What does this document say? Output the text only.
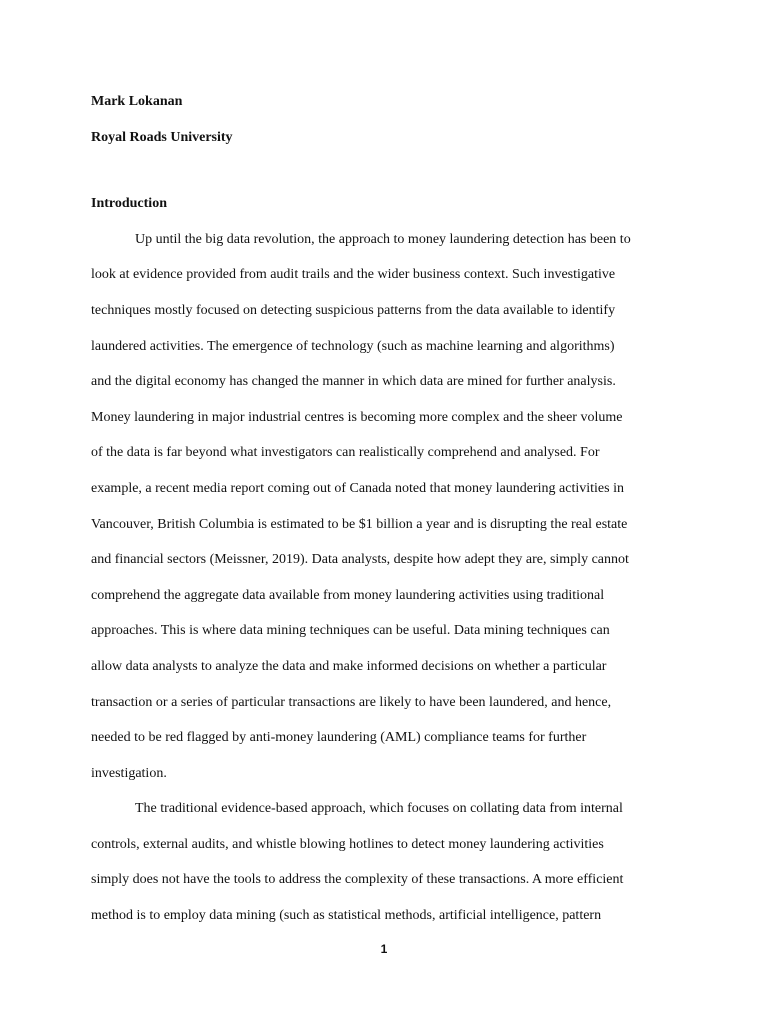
Mark Lokanan
Royal Roads University
Introduction
Up until the big data revolution, the approach to money laundering detection has been to
look at evidence provided from audit trails and the wider business context. Such investigative
techniques mostly focused on detecting suspicious patterns from the data available to identify
laundered activities. The emergence of technology (such as machine learning and algorithms)
and the digital economy has changed the manner in which data are mined for further analysis.
Money laundering in major industrial centres is becoming more complex and the sheer volume
of the data is far beyond what investigators can realistically comprehend and analysed. For
example, a recent media report coming out of Canada noted that money laundering activities in
Vancouver, British Columbia is estimated to be $1 billion a year and is disrupting the real estate
and financial sectors (Meissner, 2019). Data analysts, despite how adept they are, simply cannot
comprehend the aggregate data available from money laundering activities using traditional
approaches. This is where data mining techniques can be useful. Data mining techniques can
allow data analysts to analyze the data and make informed decisions on whether a particular
transaction or a series of particular transactions are likely to have been laundered, and hence,
needed to be red flagged by anti-money laundering (AML) compliance teams for further
investigation.
The traditional evidence-based approach, which focuses on collating data from internal
controls, external audits, and whistle blowing hotlines to detect money laundering activities
simply does not have the tools to address the complexity of these transactions. A more efficient
method is to employ data mining (such as statistical methods, artificial intelligence, pattern
1
